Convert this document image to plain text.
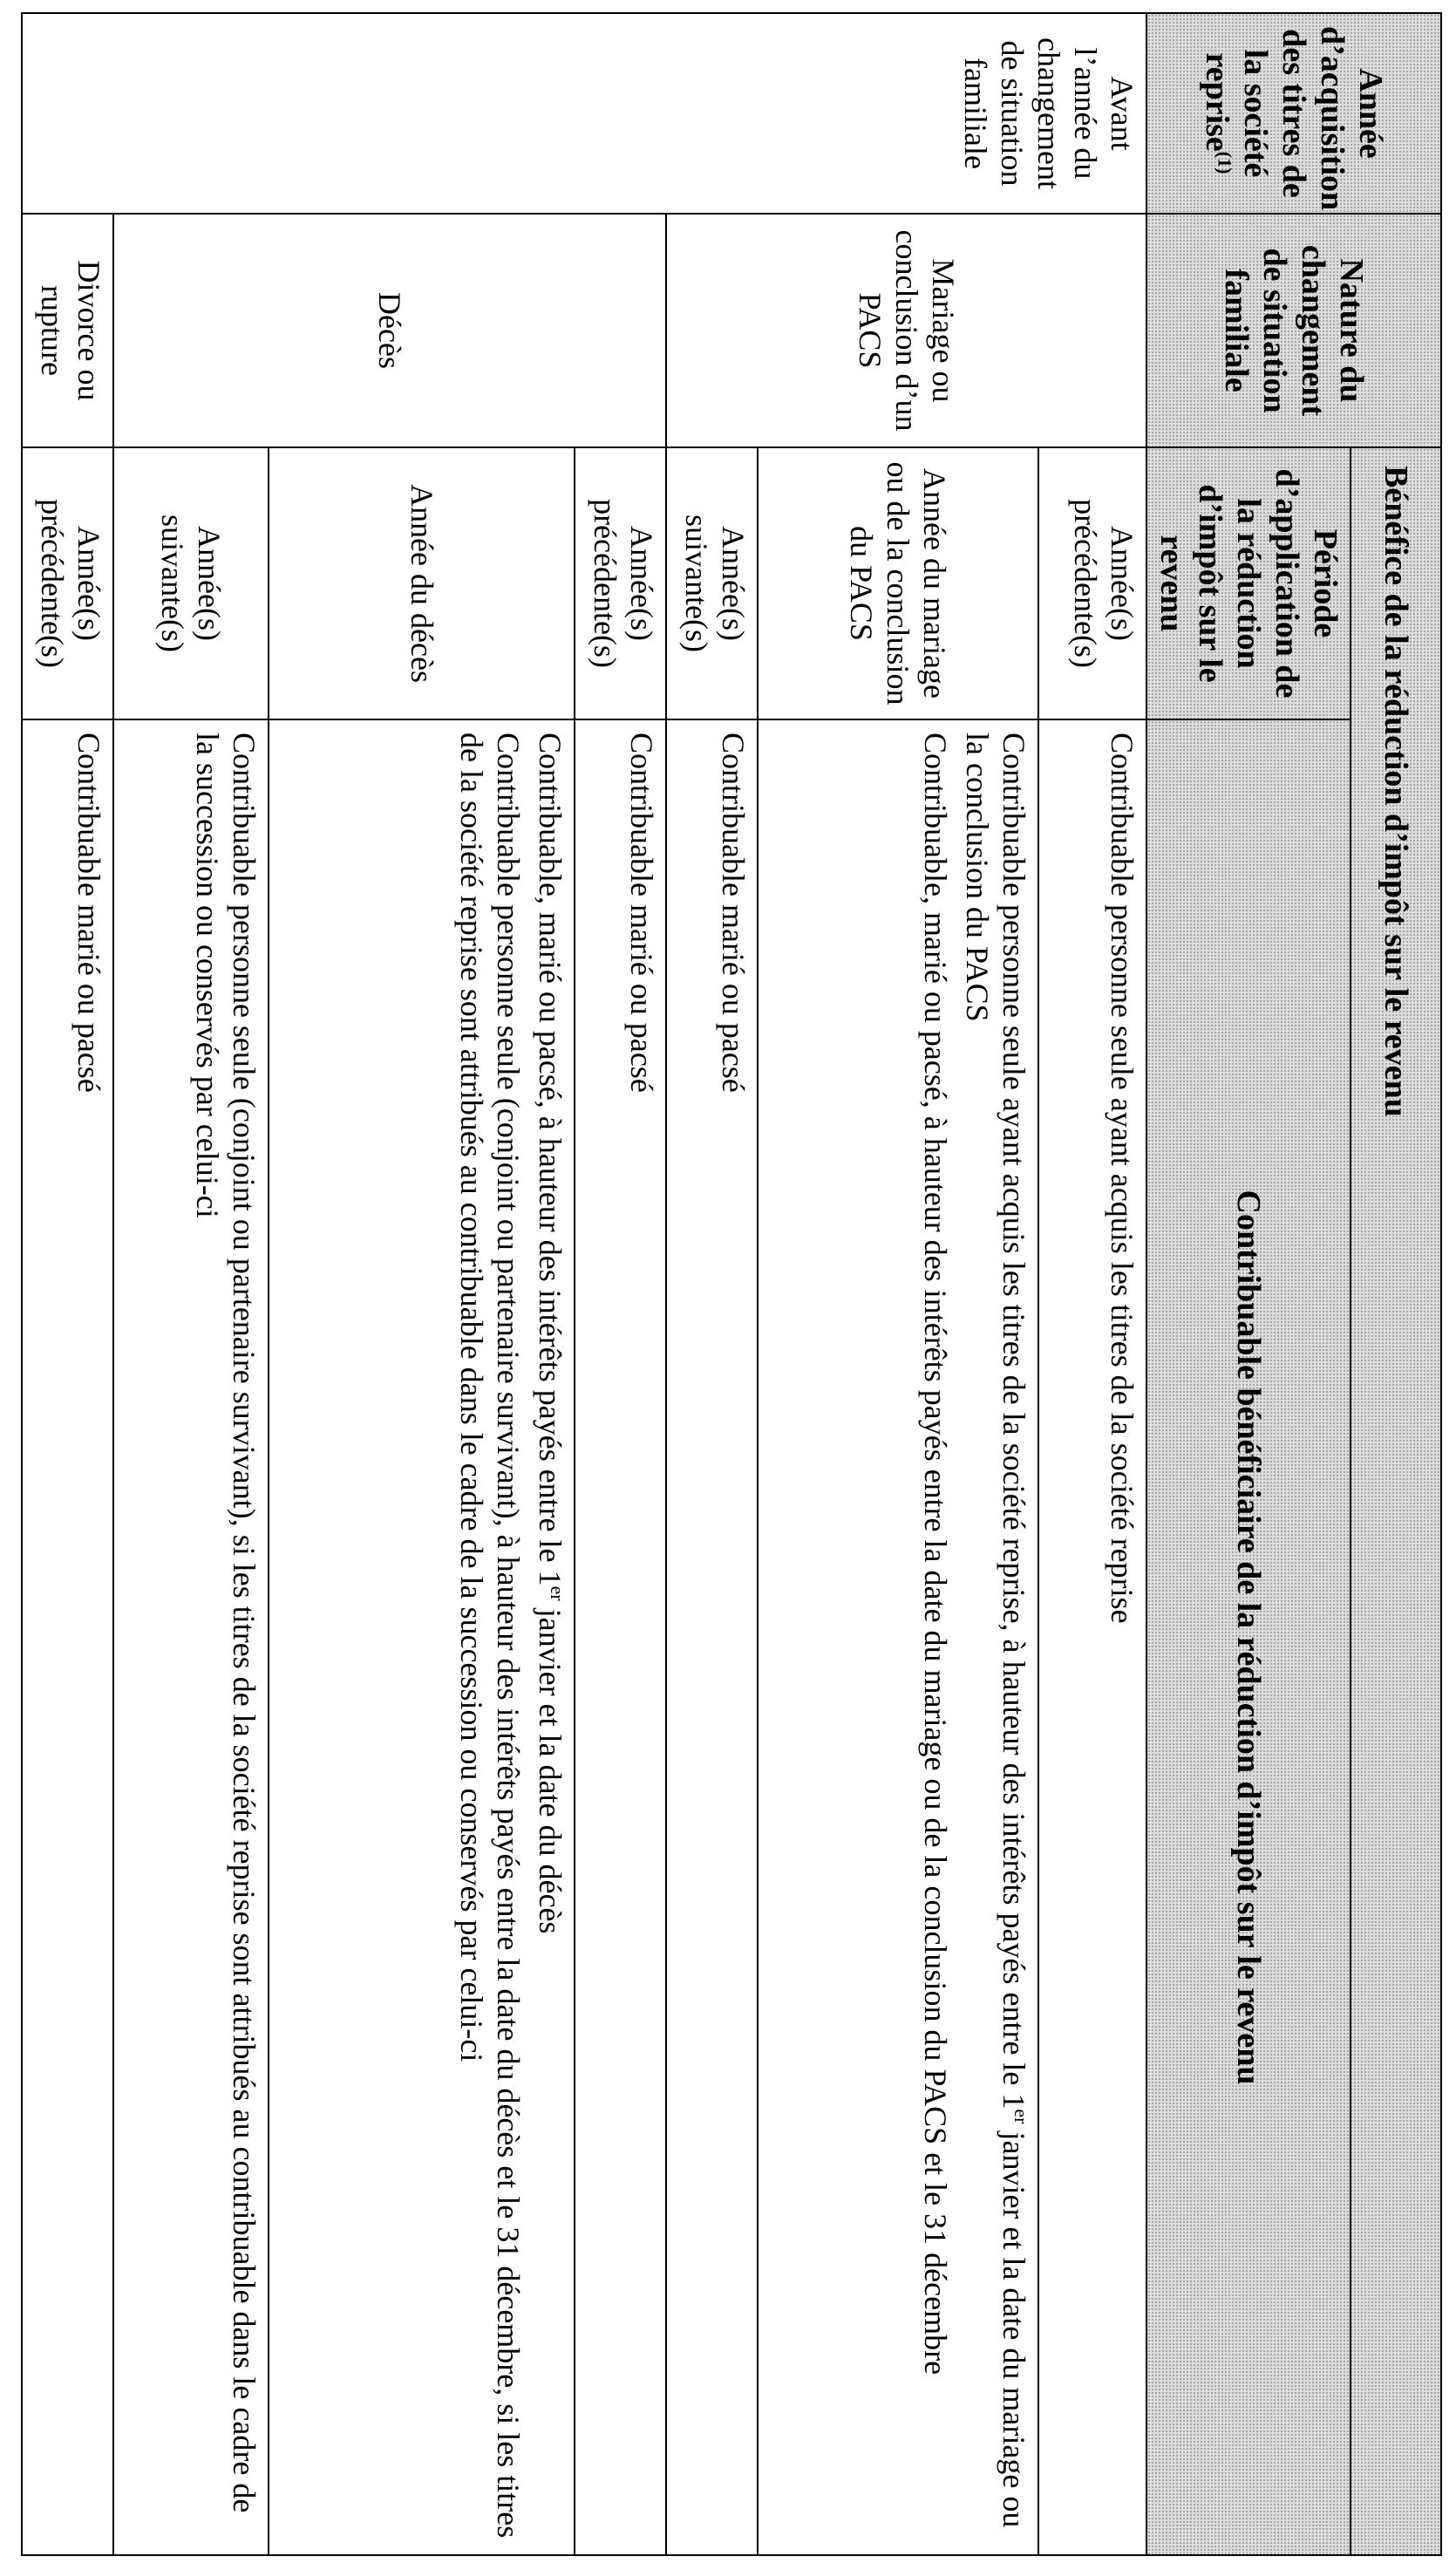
Année d’acquisition des titres de la société reprise$^{(1)}$	Nature du changement de situation familiale	Bénéfice de la réduction d’impôt sur le revenu	
		Période d’application de la réduction d’impôt sur le revenu	Contribuable bénéficiaire de la réduction d’impôt sur le revenu
Avant l’année du changement de situation familiale	Mariage ou conclusion d’un PACS	Année(s) précédente(s)	Contribuable personne seule ayant acquis les titres de la société reprise
		Année du mariage ou de la conclusion du PACS	Contribuable personne seule ayant acquis les titres de la société reprise, à hauteur des intérêts payés entre le 1er janvier et la date du mariage ou la conclusion du PACS
Contribuable, marié ou pacsé, à hauteur des intérêts payés entre la date du mariage ou de la conclusion du PACS et le 31 décembre

		Année(s) suivante(s)	Contribuable marié ou pacsé
	Décès	Année(s) précédente(s)	Contribuable marié ou pacsé
		Année du décès	Contribuable, marié ou pacsé, à hauteur des intérêts payés entre le 1er janvier et la date du décès
Contribuable personne seule (conjoint ou partenaire survivant), à hauteur des intérêts payés entre la date du décès et le 31 décembre, si les titres de la société reprise sont attribués au contribuable dans le cadre de la succession ou conservés par celui-ci

		Année(s) suivante(s)	Contribuable personne seule (conjoint ou partenaire survivant), si les titres de la société reprise sont attribués au contribuable dans le cadre de la succession ou conservés par celui-ci
	Divorce ou rupture	Année(s) précédente(s)	Contribuable marié ou pacsé
